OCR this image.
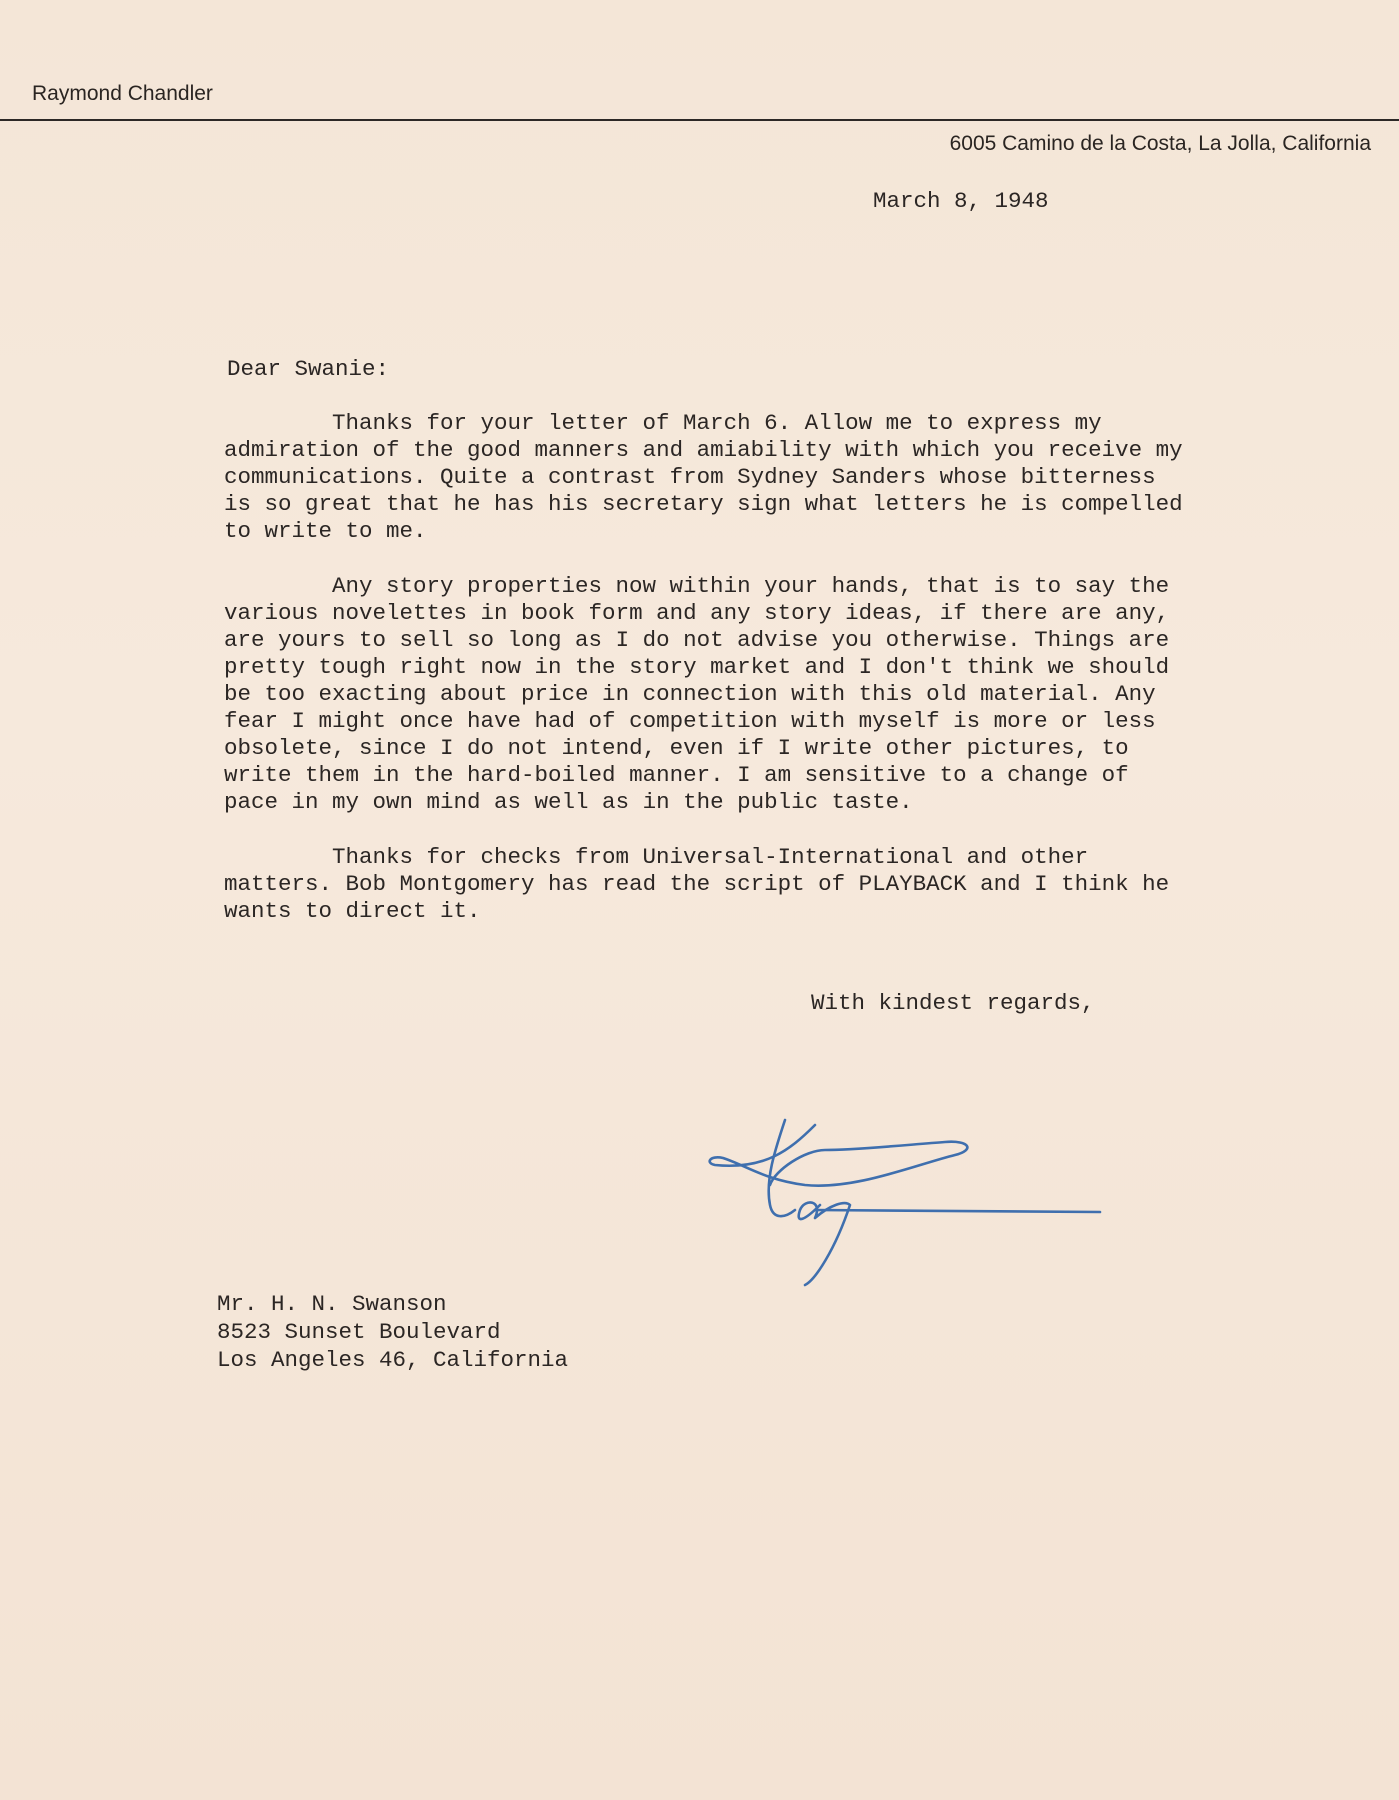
Raymond Chandler
6005 Camino de la Costa, La Jolla, California
March 8, 1948
Dear Swanie:

Thanks for your letter of March 6. Allow me to express my admiration of the good manners and amiability with which you receive my communications. Quite a contrast from Sydney Sanders whose bitterness is so great that he has his secretary sign what letters he is compelled to write to me.

Any story properties now within your hands, that is to say the various novelettes in book form and any story ideas, if there are any, are yours to sell so long as I do not advise you otherwise. Things are pretty tough right now in the story market and I don't think we should be too exacting about price in connection with this old material. Any fear I might once have had of competition with myself is more or less obsolete, since I do not intend, even if I write other pictures, to write them in the hard-boiled manner. I am sensitive to a change of pace in my own mind as well as in the public taste.

Thanks for checks from Universal-International and other matters. Bob Montgomery has read the script of PLAYBACK and I think he wants to direct it.

With kindest regards,
Mr. H. N. Swanson
8523 Sunset Boulevard
Los Angeles 46, California
